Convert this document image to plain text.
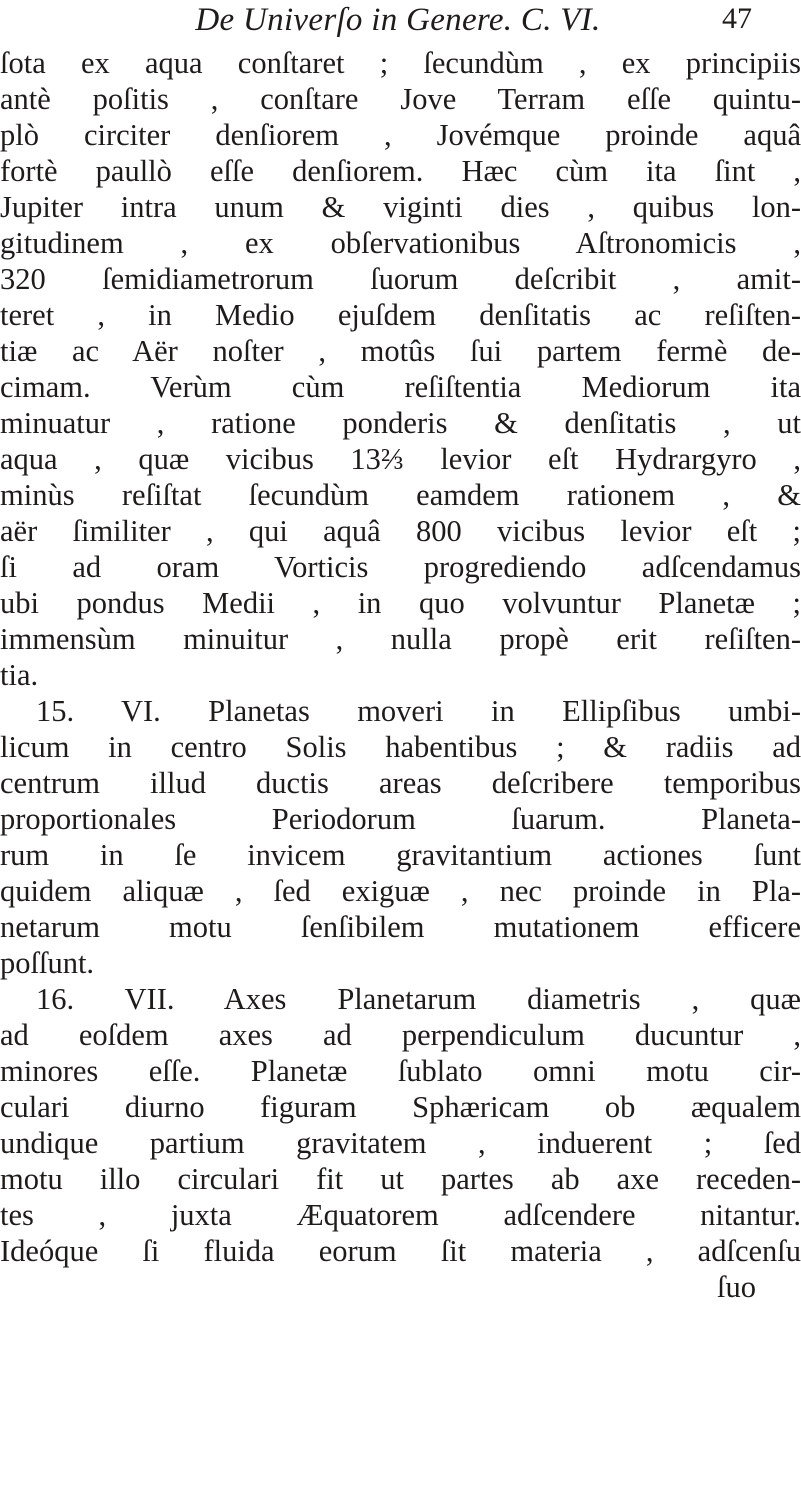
De Univerſo in Genere. C. VI.	47
ſota ex aqua conſtaret ; ſecundùm , ex principiis
antè poſitis , conſtare Jove Terram eſſe quintu-
plò circiter denſiorem , Jovémque proinde aquâ
fortè paullò eſſe denſiorem. Hæc cùm ita ſint ,
Jupiter intra unum & viginti dies , quibus lon-
gitudinem , ex obſervationibus Aſtronomicis ,
320 ſemidiametrorum ſuorum deſcribit , amit-
teret , in Medio ejuſdem denſitatis ac reſiſten-
tiæ ac Aër noſter , motûs ſui partem fermè de-
cimam. Verùm cùm reſiſtentia Mediorum ita
minuatur , ratione ponderis & denſitatis , ut
aqua , quæ vicibus 13⅔ levior eſt Hydrargyro ,
minùs reſiſtat ſecundùm eamdem rationem , &
aër ſimiliter , qui aquâ 800 vicibus levior eſt ;
ſi ad oram Vorticis progrediendo adſcendamus
ubi pondus Medii , in quo volvuntur Planetæ ;
immensùm minuitur , nulla propè erit reſiſten-
tia.
15. VI. Planetas moveri in Ellipſibus umbi-
licum in centro Solis habentibus ; & radiis ad
centrum illud ductis areas deſcribere temporibus
proportionales Periodorum ſuarum. Planeta-
rum in ſe invicem gravitantium actiones ſunt
quidem aliquæ , ſed exiguæ , nec proinde in Pla-
netarum motu ſenſibilem mutationem efficere
poſſunt.
16. VII. Axes Planetarum diametris , quæ
ad eoſdem axes ad perpendiculum ducuntur ,
minores eſſe. Planetæ ſublato omni motu cir-
culari diurno figuram Sphæricam ob æqualem
undique partium gravitatem , induerent ; ſed
motu illo circulari fit ut partes ab axe receden-
tes , juxta Æquatorem adſcendere nitantur.
Ideóque ſi fluida eorum ſit materia , adſcenſu
ſuo
